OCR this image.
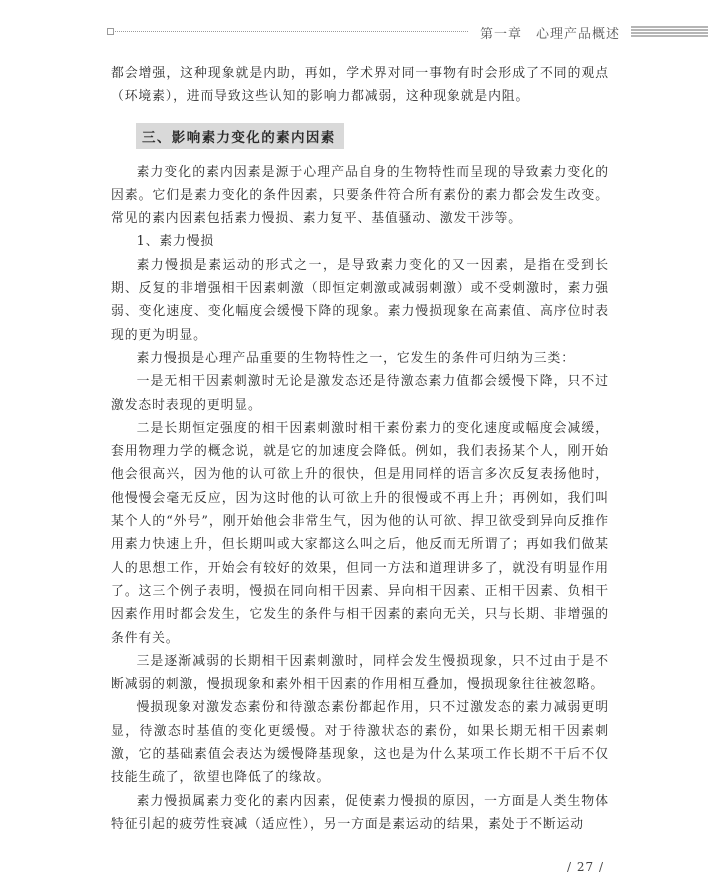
第一章 心理产品概述

都会增强，这种现象就是内助，再如，学术界对同一事物有时会形成了不同的观点（环境素），进而导致这些认知的影响力都减弱，这种现象就是内阻。

三、影响素力变化的素内因素

素力变化的素内因素是源于心理产品自身的生物特性而呈现的导致素力变化的因素。它们是素力变化的条件因素，只要条件符合所有素份的素力都会发生改变。常见的素内因素包括素力慢损、素力复平、基值骚动、激发干涉等。

1、素力慢损

素力慢损是素运动的形式之一，是导致素力变化的又一因素，是指在受到长期、反复的非增强相干因素刺激（即恒定刺激或减弱刺激）或不受刺激时，素力强弱、变化速度、变化幅度会缓慢下降的现象。素力慢损现象在高素值、高序位时表现的更为明显。

素力慢损是心理产品重要的生物特性之一，它发生的条件可归纳为三类：

一是无相干因素刺激时无论是激发态还是待激态素力值都会缓慢下降，只不过激发态时表现的更明显。

二是长期恒定强度的相干因素刺激时相干素份素力的变化速度或幅度会减缓，套用物理力学的概念说，就是它的加速度会降低。例如，我们表扬某个人，刚开始他会很高兴，因为他的认可欲上升的很快，但是用同样的语言多次反复表扬他时，他慢慢会毫无反应，因为这时他的认可欲上升的很慢或不再上升；再例如，我们叫某个人的“外号”，刚开始他会非常生气，因为他的认可欲、捍卫欲受到异向反推作用素力快速上升，但长期叫或大家都这么叫之后，他反而无所谓了；再如我们做某人的思想工作，开始会有较好的效果，但同一方法和道理讲多了，就没有明显作用了。这三个例子表明，慢损在同向相干因素、异向相干因素、正相干因素、负相干因素作用时都会发生，它发生的条件与相干因素的素向无关，只与长期、非增强的条件有关。

三是逐渐减弱的长期相干因素刺激时，同样会发生慢损现象，只不过由于是不断减弱的刺激，慢损现象和素外相干因素的作用相互叠加，慢损现象往往被忽略。

慢损现象对激发态素份和待激态素份都起作用，只不过激发态的素力减弱更明显，待激态时基值的变化更缓慢。对于待激状态的素份，如果长期无相干因素刺激，它的基础素值会表达为缓慢降基现象，这也是为什么某项工作长期不干后不仅技能生疏了，欲望也降低了的缘故。

素力慢损属素力变化的素内因素，促使素力慢损的原因，一方面是人类生物体特征引起的疲劳性衰减（适应性），另一方面是素运动的结果，素处于不断运动

/ 27 /
